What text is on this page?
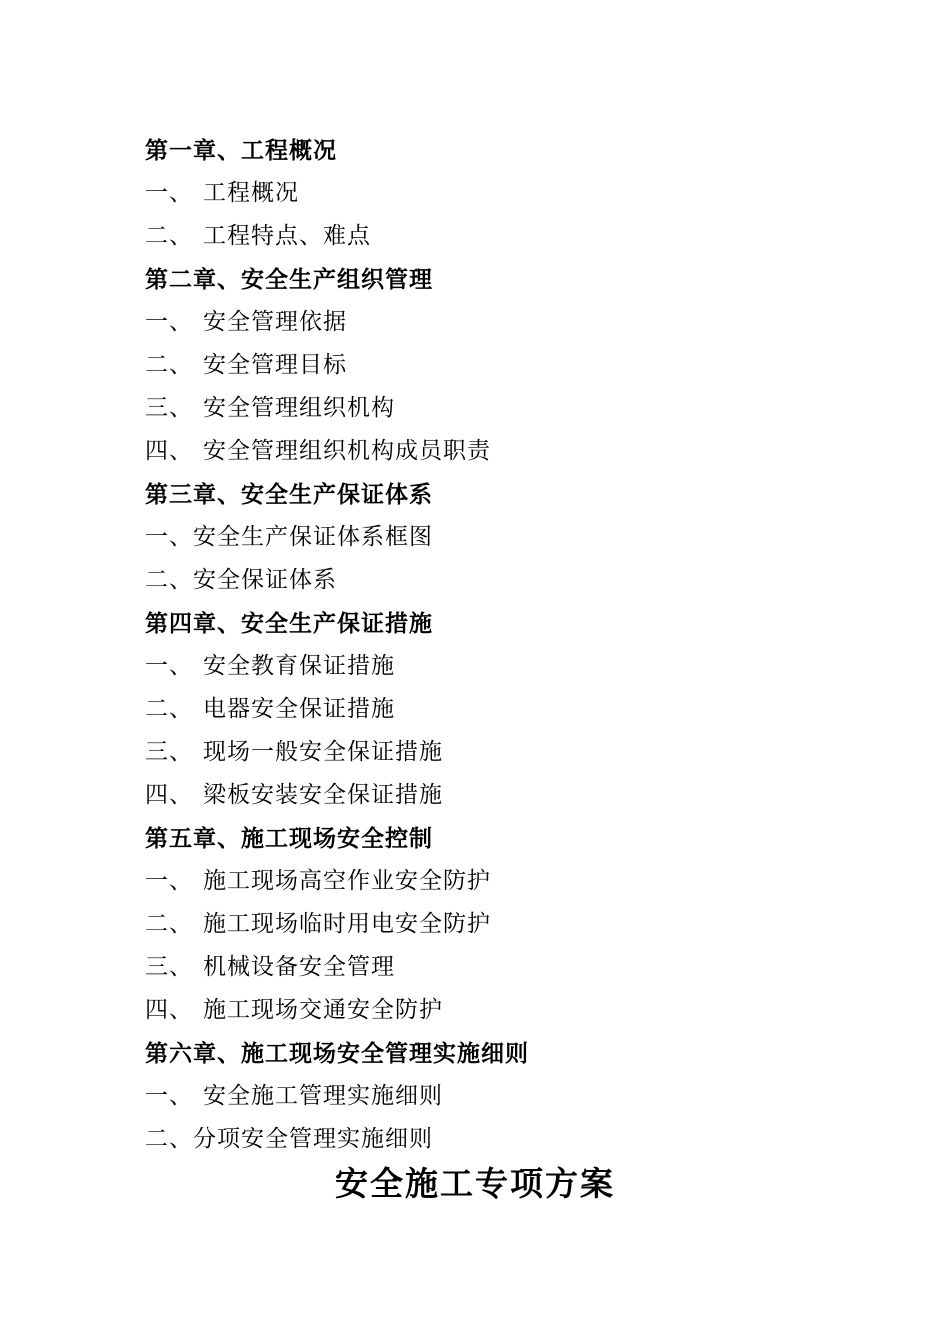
第一章、工程概况
一、 工程概况
二、 工程特点、难点
第二章、安全生产组织管理
一、 安全管理依据
二、 安全管理目标
三、 安全管理组织机构
四、 安全管理组织机构成员职责
第三章、安全生产保证体系
一、安全生产保证体系框图
二、安全保证体系
第四章、安全生产保证措施
一、 安全教育保证措施
二、 电器安全保证措施
三、 现场一般安全保证措施
四、 梁板安装安全保证措施
第五章、施工现场安全控制
一、 施工现场高空作业安全防护
二、 施工现场临时用电安全防护
三、 机械设备安全管理
四、 施工现场交通安全防护
第六章、施工现场安全管理实施细则
一、 安全施工管理实施细则
二、分项安全管理实施细则
安全施工专项方案
